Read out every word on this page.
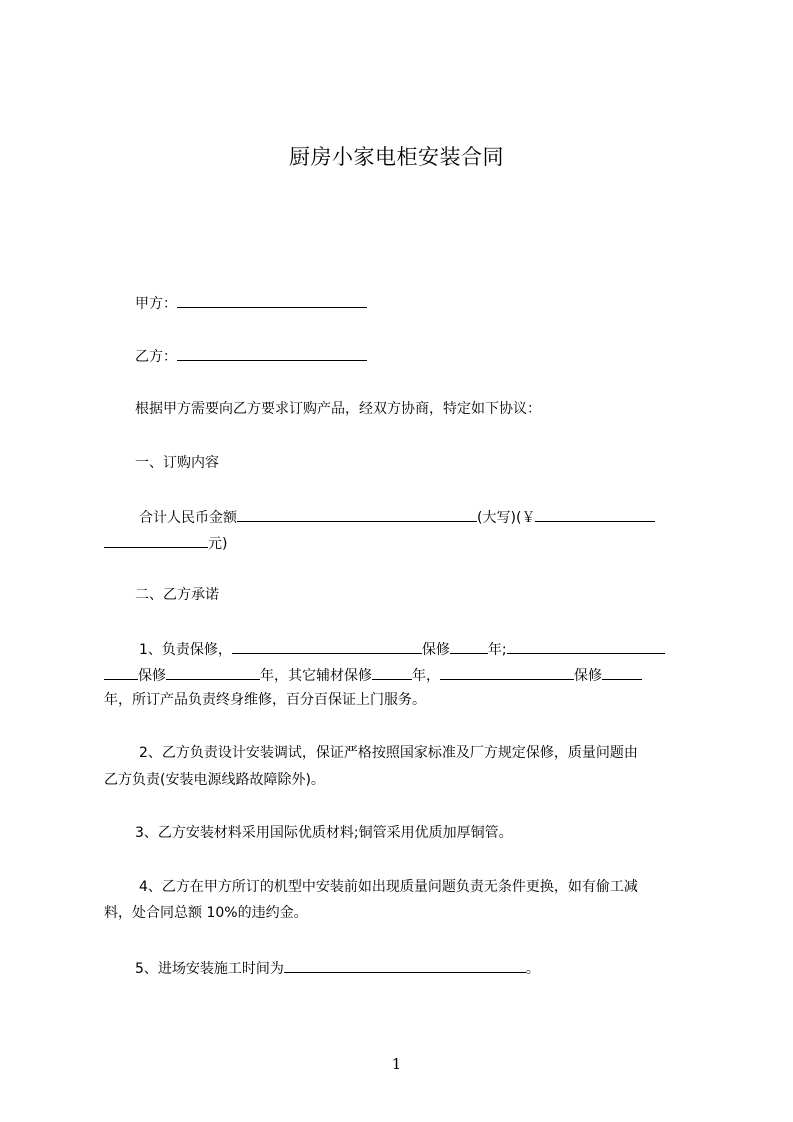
厨房小家电柜安装合同
甲方：
乙方：
根据甲方需要向乙方要求订购产品，经双方协商，特定如下协议：
一、订购内容
合计人民币金额	(大写)(￥
元)
二、乙方承诺
1、负责保修，	保修	年;
保修	年，其它辅材保修	年，	保修
年，所订产品负责终身维修，百分百保证上门服务。
2、乙方负责设计安装调试，保证严格按照国家标准及厂方规定保修，质量问题由
乙方负责(安装电源线路故障除外)。
3、乙方安装材料采用国际优质材料;铜管采用优质加厚铜管。
4、乙方在甲方所订的机型中安装前如出现质量问题负责无条件更换，如有偷工减
料，处合同总额 10%的违约金。
5、进场安装施工时间为	。
1
